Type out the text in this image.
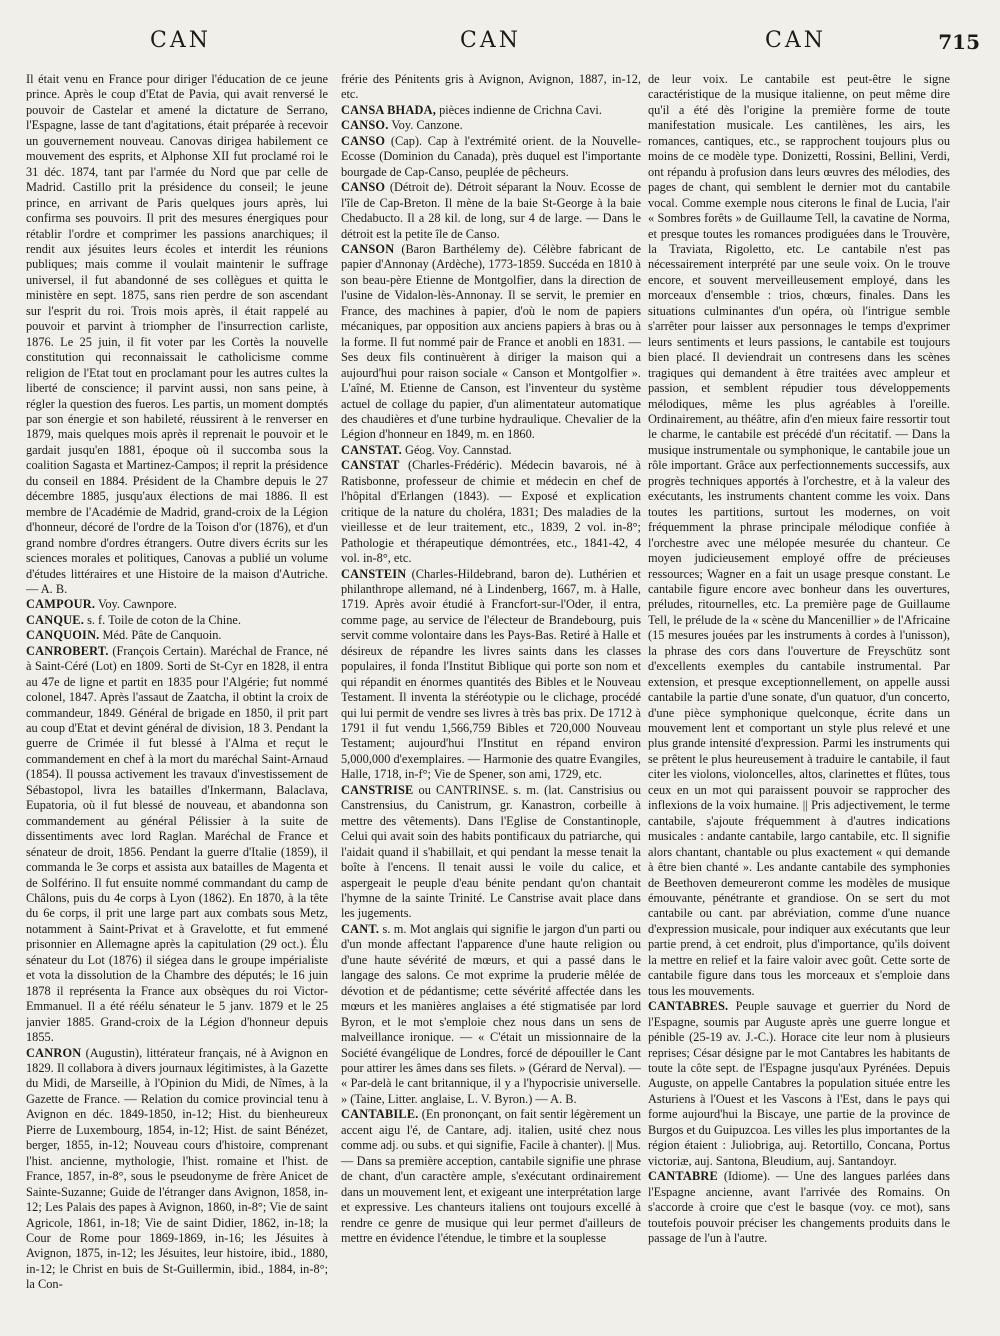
CAN	CAN	CAN	715

Il était venu en France pour diriger l'éducation de ce jeune prince. Après le coup d'Etat de Pavia, qui avait renversé le pouvoir de Castelar et amené la dictature de Serrano, l'Espagne, lasse de tant d'agitations, était préparée à recevoir un gouvernement nouveau. Canovas dirigea habilement ce mouvement des esprits, et Alphonse XII fut proclamé roi le 31 déc. 1874, tant par l'armée du Nord que par celle de Madrid. Castillo prit la présidence du conseil; le jeune prince, en arrivant de Paris quelques jours après, lui confirma ses pouvoirs. Il prit des mesures énergiques pour rétablir l'ordre et comprimer les passions anarchiques; il rendit aux jésuites leurs écoles et interdit les réunions publiques; mais comme il voulait maintenir le suffrage universel, il fut abandonné de ses collègues et quitta le ministère en sept. 1875, sans rien perdre de son ascendant sur l'esprit du roi. Trois mois après, il était rappelé au pouvoir et parvint à triompher de l'insurrection carliste, 1876. Le 25 juin, il fit voter par les Cortès la nouvelle constitution qui reconnaissait le catholicisme comme religion de l'Etat tout en proclamant pour les autres cultes la liberté de conscience; il parvint aussi, non sans peine, à régler la question des fueros. Les partis, un moment domptés par son énergie et son habileté, réussirent à le renverser en 1879, mais quelques mois après il reprenait le pouvoir et le gardait jusqu'en 1881, époque où il succomba sous la coalition Sagasta et Martinez-Campos; il reprit la présidence du conseil en 1884. Président de la Chambre depuis le 27 décembre 1885, jusqu'aux élections de mai 1886. Il est membre de l'Académie de Madrid, grand-croix de la Légion d'honneur, décoré de l'ordre de la Toison d'or (1876), et d'un grand nombre d'ordres étrangers. Outre divers écrits sur les sciences morales et politiques, Canovas a publié un volume d'études littéraires et une Histoire de la maison d'Autriche. — A. B.

CAMPOUR. Voy. Cawnpore.

CANQUE. s. f. Toile de coton de la Chine.

CANQUOIN. Méd. Pâte de Canquoin.

CANROBERT. (François Certain). Maréchal de France, né à Saint-Céré (Lot) en 1809. Sorti de St-Cyr en 1828, il entra au 47e de ligne et partit en 1835 pour l'Algérie; fut nommé colonel, 1847. Après l'assaut de Zaatcha, il obtint la croix de commandeur, 1849. Général de brigade en 1850, il prit part au coup d'Etat et devint général de division, 18 3. Pendant la guerre de Crimée il fut blessé à l'Alma et reçut le commandement en chef à la mort du maréchal Saint-Arnaud (1854). Il poussa activement les travaux d'investissement de Sébastopol, livra les batailles d'Inkermann, Balaclava, Eupatoria, où il fut blessé de nouveau, et abandonna son commandement au général Pélissier à la suite de dissentiments avec lord Raglan. Maréchal de France et sénateur de droit, 1856. Pendant la guerre d'Italie (1859), il commanda le 3e corps et assista aux batailles de Magenta et de Solférino. Il fut ensuite nommé commandant du camp de Châlons, puis du 4e corps à Lyon (1862). En 1870, à la tête du 6e corps, il prit une large part aux combats sous Metz, notamment à Saint-Privat et à Gravelotte, et fut emmené prisonnier en Allemagne après la capitulation (29 oct.). Élu sénateur du Lot (1876) il siégea dans le groupe impérialiste et vota la dissolution de la Chambre des députés; le 16 juin 1878 il représenta la France aux obsèques du roi Victor-Emmanuel. Il a été réélu sénateur le 5 janv. 1879 et le 25 janvier 1885. Grand-croix de la Légion d'honneur depuis 1855.

CANRON (Augustin), littérateur français, né à Avignon en 1829. Il collabora à divers journaux légitimistes, à la Gazette du Midi, de Marseille, à l'Opinion du Midi, de Nîmes, à la Gazette de France. — Relation du comice provincial tenu à Avignon en déc. 1849-1850, in-12; Hist. du bienheureux Pierre de Luxembourg, 1854, in-12; Hist. de saint Bénézet, berger, 1855, in-12; Nouveau cours d'histoire, comprenant l'hist. ancienne, mythologie, l'hist. romaine et l'hist. de France, 1857, in-8°, sous le pseudonyme de frère Anicet de Sainte-Suzanne; Guide de l'étranger dans Avignon, 1858, in-12; Les Palais des papes à Avignon, 1860, in-8°; Vie de saint Agricole, 1861, in-18; Vie de saint Didier, 1862, in-18; la Cour de Rome pour 1869-1869, in-16; les Jésuites à Avignon, 1875, in-12; les Jésuites, leur histoire, ibid., 1880, in-12; le Christ en buis de St-Guillermin, ibid., 1884, in-8°; la Con-

frérie des Pénitents gris à Avignon, Avignon, 1887, in-12, etc.

CANSA BHADA, pièces indienne de Crichna Cavi.

CANSO. Voy. Canzone.

CANSO (Cap). Cap à l'extrémité orient. de la Nouvelle-Ecosse (Dominion du Canada), près duquel est l'importante bourgade de Cap-Canso, peuplée de pêcheurs.

CANSO (Détroit de). Détroit séparant la Nouv. Ecosse de l'île de Cap-Breton. Il mène de la baie St-George à la baie Chedabucto. Il a 28 kil. de long, sur 4 de large. — Dans le détroit est la petite île de Canso.

CANSON (Baron Barthélemy de). Célèbre fabricant de papier d'Annonay (Ardèche), 1773-1859. Succéda en 1810 à son beau-père Etienne de Montgolfier, dans la direction de l'usine de Vidalon-lès-Annonay. Il se servit, le premier en France, des machines à papier, d'où le nom de papiers mécaniques, par opposition aux anciens papiers à bras ou à la forme. Il fut nommé pair de France et anobli en 1831. — Ses deux fils continuèrent à diriger la maison qui a aujourd'hui pour raison sociale « Canson et Montgolfier ». L'aîné, M. Etienne de Canson, est l'inventeur du système actuel de collage du papier, d'un alimentateur automatique des chaudières et d'une turbine hydraulique. Chevalier de la Légion d'honneur en 1849, m. en 1860.

CANSTAT. Géog. Voy. Cannstad.

CANSTAT (Charles-Frédéric). Médecin bavarois, né à Ratisbonne, professeur de chimie et médecin en chef de l'hôpital d'Erlangen (1843). — Exposé et explication critique de la nature du choléra, 1831; Des maladies de la vieillesse et de leur traitement, etc., 1839, 2 vol. in-8°; Pathologie et thérapeutique démontrées, etc., 1841-42, 4 vol. in-8°, etc.

CANSTEIN (Charles-Hildebrand, baron de). Luthérien et philanthrope allemand, né à Lindenberg, 1667, m. à Halle, 1719. Après avoir étudié à Francfort-sur-l'Oder, il entra, comme page, au service de l'électeur de Brandebourg, puis servit comme volontaire dans les Pays-Bas. Retiré à Halle et désireux de répandre les livres saints dans les classes populaires, il fonda l'Institut Biblique qui porte son nom et qui répandit en énormes quantités des Bibles et le Nouveau Testament. Il inventa la stéréotypie ou le clichage, procédé qui lui permit de vendre ses livres à très bas prix. De 1712 à 1791 il fut vendu 1,566,759 Bibles et 720,000 Nouveau Testament; aujourd'hui l'Institut en répand environ 5,000,000 d'exemplaires. — Harmonie des quatre Evangiles, Halle, 1718, in-f°; Vie de Spener, son ami, 1729, etc.

CANSTRISE ou CANTRINSE. s. m. (lat. Canstrisius ou Canstrensius, du Canistrum, gr. Kanastron, corbeille à mettre des vêtements). Dans l'Eglise de Constantinople, Celui qui avait soin des habits pontificaux du patriarche, qui l'aidait quand il s'habillait, et qui pendant la messe tenait la boîte à l'encens. Il tenait aussi le voile du calice, et aspergeait le peuple d'eau bénite pendant qu'on chantait l'hymne de la sainte Trinité. Le Canstrise avait place dans les jugements.

CANT. s. m. Mot anglais qui signifie le jargon d'un parti ou d'un monde affectant l'apparence d'une haute religion ou d'une haute sévérité de mœurs, et qui a passé dans le langage des salons. Ce mot exprime la pruderie mêlée de dévotion et de pédantisme; cette sévérité affectée dans les mœurs et les manières anglaises a été stigmatisée par lord Byron, et le mot s'emploie chez nous dans un sens de malveillance ironique. — « C'était un missionnaire de la Société évangélique de Londres, forcé de dépouiller le Cant pour attirer les âmes dans ses filets. » (Gérard de Nerval). — « Par-delà le cant britannique, il y a l'hypocrisie universelle. » (Taine, Litter. anglaise, L. V. Byron.) — A. B.

CANTABILE. (En prononçant, on fait sentir légèrement un accent aigu l'é, de Cantare, adj. italien, usité chez nous comme adj. ou subs. et qui signifie, Facile à chanter). || Mus. — Dans sa première acception, cantabile signifie une phrase de chant, d'un caractère ample, s'exécutant ordinairement dans un mouvement lent, et exigeant une interprétation large et expressive. Les chanteurs italiens ont toujours excellé à rendre ce genre de musique qui leur permet d'ailleurs de mettre en évidence l'étendue, le timbre et la souplesse

de leur voix. Le cantabile est peut-être le signe caractéristique de la musique italienne, on peut même dire qu'il a été dès l'origine la première forme de toute manifestation musicale. Les cantilènes, les airs, les romances, cantiques, etc., se rapprochent toujours plus ou moins de ce modèle type. Donizetti, Rossini, Bellini, Verdi, ont répandu à profusion dans leurs œuvres des mélodies, des pages de chant, qui semblent le dernier mot du cantabile vocal. Comme exemple nous citerons le final de Lucia, l'air « Sombres forêts » de Guillaume Tell, la cavatine de Norma, et presque toutes les romances prodiguées dans le Trouvère, la Traviata, Rigoletto, etc. Le cantabile n'est pas nécessairement interprété par une seule voix. On le trouve encore, et souvent merveilleusement employé, dans les morceaux d'ensemble : trios, chœurs, finales. Dans les situations culminantes d'un opéra, où l'intrigue semble s'arrêter pour laisser aux personnages le temps d'exprimer leurs sentiments et leurs passions, le cantabile est toujours bien placé. Il deviendrait un contresens dans les scènes tragiques qui demandent à être traitées avec ampleur et passion, et semblent répudier tous développements mélodiques, même les plus agréables à l'oreille. Ordinairement, au théâtre, afin d'en mieux faire ressortir tout le charme, le cantabile est précédé d'un récitatif. — Dans la musique instrumentale ou symphonique, le cantabile joue un rôle important. Grâce aux perfectionnements successifs, aux progrès techniques apportés à l'orchestre, et à la valeur des exécutants, les instruments chantent comme les voix. Dans toutes les partitions, surtout les modernes, on voit fréquemment la phrase principale mélodique confiée à l'orchestre avec une mélopée mesurée du chanteur. Ce moyen judicieusement employé offre de précieuses ressources; Wagner en a fait un usage presque constant. Le cantabile figure encore avec bonheur dans les ouvertures, préludes, ritournelles, etc. La première page de Guillaume Tell, le prélude de la « scène du Mancenillier » de l'Africaine (15 mesures jouées par les instruments à cordes à l'unisson), la phrase des cors dans l'ouverture de Freyschütz sont d'excellents exemples du cantabile instrumental. Par extension, et presque exceptionnellement, on appelle aussi cantabile la partie d'une sonate, d'un quatuor, d'un concerto, d'une pièce symphonique quelconque, écrite dans un mouvement lent et comportant un style plus relevé et une plus grande intensité d'expression. Parmi les instruments qui se prêtent le plus heureusement à traduire le cantabile, il faut citer les violons, violoncelles, altos, clarinettes et flûtes, tous ceux en un mot qui paraissent pouvoir se rapprocher des inflexions de la voix humaine. || Pris adjectivement, le terme cantabile, s'ajoute fréquemment à d'autres indications musicales : andante cantabile, largo cantabile, etc. Il signifie alors chantant, chantable ou plus exactement « qui demande à être bien chanté ». Les andante cantabile des symphonies de Beethoven demeureront comme les modèles de musique émouvante, pénétrante et grandiose. On se sert du mot cantabile ou cant. par abréviation, comme d'une nuance d'expression musicale, pour indiquer aux exécutants que leur partie prend, à cet endroit, plus d'importance, qu'ils doivent la mettre en relief et la faire valoir avec goût. Cette sorte de cantabile figure dans tous les morceaux et s'emploie dans tous les mouvements.

CANTABRES. Peuple sauvage et guerrier du Nord de l'Espagne, soumis par Auguste après une guerre longue et pénible (25-19 av. J.-C.). Horace cite leur nom à plusieurs reprises; César désigne par le mot Cantabres les habitants de toute la côte sept. de l'Espagne jusqu'aux Pyrénées. Depuis Auguste, on appelle Cantabres la population située entre les Asturiens à l'Ouest et les Vascons à l'Est, dans le pays qui forme aujourd'hui la Biscaye, une partie de la province de Burgos et du Guipuzcoa. Les villes les plus importantes de la région étaient : Juliobriga, auj. Retortillo, Concana, Portus victoriæ, auj. Santona, Bleudium, auj. Santandoyr.

CANTABRE (Idiome). — Une des langues parlées dans l'Espagne ancienne, avant l'arrivée des Romains. On s'accorde à croire que c'est le basque (voy. ce mot), sans toutefois pouvoir préciser les changements produits dans le passage de l'un à l'autre.
